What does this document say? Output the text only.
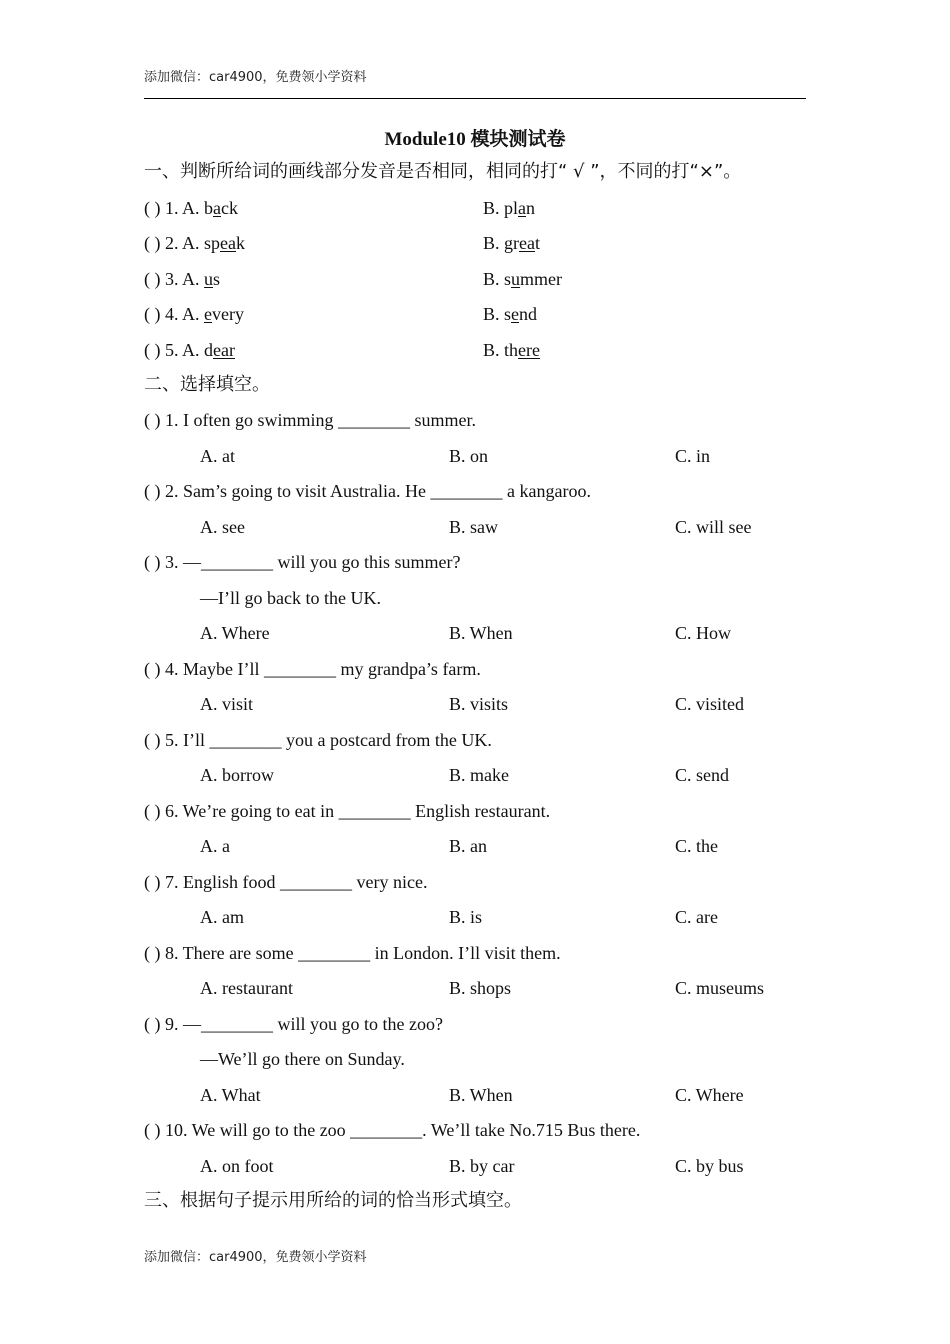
添加微信：car4900，免费领小学资料
Module10 模块测试卷
一、判断所给词的画线部分发音是否相同，相同的打“ √ ”，不同的打“×”。
( ) 1. A. back	B. plan
( ) 2. A. speak	B. great
( ) 3. A. us	B. summer
( ) 4. A. every	B. send
( ) 5. A. dear	B. there
二、选择填空。
( ) 1. I often go swimming ________ summer.
A. at	B. on	C. in
( ) 2. Sam’s going to visit Australia. He ________ a kangaroo.
A. see	B. saw	C. will see
( ) 3. —________ will you go this summer?
—I’ll go back to the UK.
A. Where	B. When	C. How
( ) 4. Maybe I’ll ________ my grandpa’s farm.
A. visit	B. visits	C. visited
( ) 5. I’ll ________ you a postcard from the UK.
A. borrow	B. make	C. send
( ) 6. We’re going to eat in ________ English restaurant.
A. a	B. an	C. the
( ) 7. English food ________ very nice.
A. am	B. is	C. are
( ) 8. There are some ________ in London. I’ll visit them.
A. restaurant	B. shops	C. museums
( ) 9. —________ will you go to the zoo?
—We’ll go there on Sunday.
A. What	B. When	C. Where
( ) 10. We will go to the zoo ________. We’ll take No.715 Bus there.
A. on foot	B. by car	C. by bus
三、根据句子提示用所给的词的恰当形式填空。
添加微信：car4900，免费领小学资料
